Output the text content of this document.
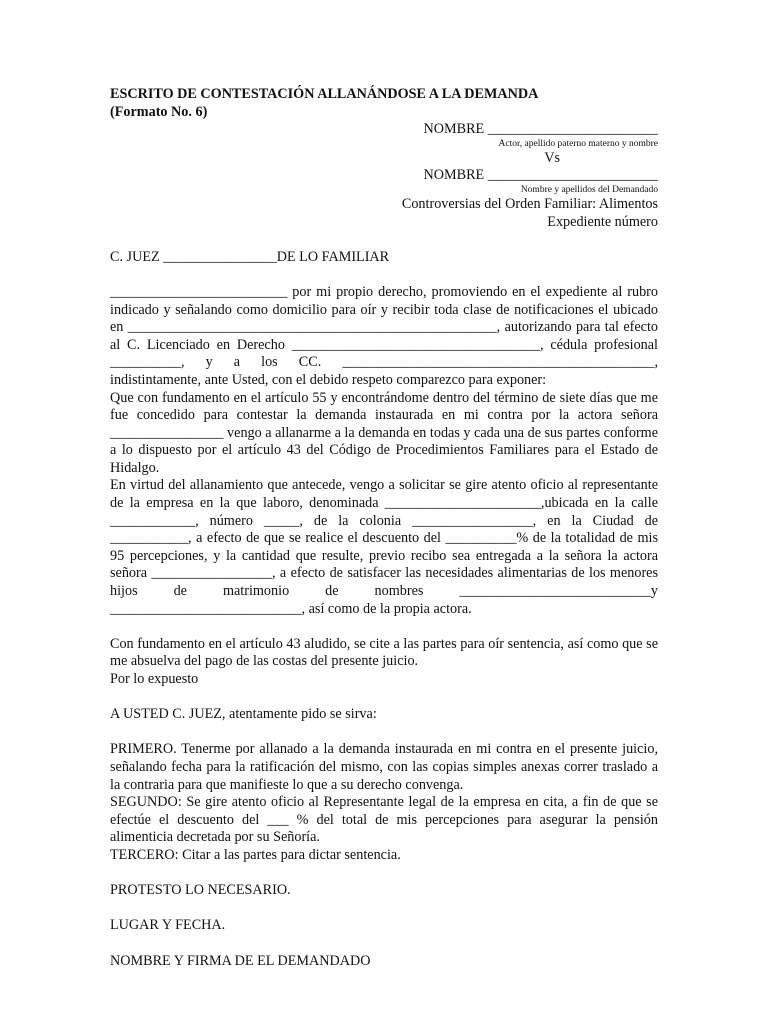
ESCRITO DE CONTESTACIÓN ALLANÁNDOSE A LA DEMANDA

(Formato No. 6)

NOMBRE ________________________

Actor, apellido paterno materno y nombre

Vs

NOMBRE ________________________

Nombre y apellidos del Demandado

Controversias del Orden Familiar: Alimentos

Expediente número

C. JUEZ ________________DE LO FAMILIAR

_________________________ por mi propio derecho, promoviendo en el expediente al rubro indicado y señalando como domicilio para oír y recibir toda clase de notificaciones el ubicado en ____________________________________________________, autorizando para tal efecto al C. Licenciado en Derecho ___________________________________, cédula profesional __________, y a los CC. ____________________________________________, indistintamente, ante Usted, con el debido respeto comparezco para exponer:

Que con fundamento en el artículo 55 y encontrándome dentro del término de siete días que me fue concedido para contestar la demanda instaurada en mi contra por la actora señora ________________ vengo a allanarme a la demanda en todas y cada una de sus partes conforme a lo dispuesto por el artículo 43 del Código de Procedimientos Familiares para el Estado de Hidalgo.

En virtud del allanamiento que antecede, vengo a solicitar se gire atento oficio al representante de la empresa en la que laboro, denominada ______________________,ubicada en la calle ____________, número _____, de la colonia _________________, en la Ciudad de ___________, a efecto de que se realice el descuento del __________% de la totalidad de mis 95 percepciones, y la cantidad que resulte, previo recibo sea entregada a la señora la actora señora _________________, a efecto de satisfacer las necesidades alimentarias de los menores hijos de matrimonio de nombres ___________________________y ___________________________, así como de la propia actora.

Con fundamento en el artículo 43 aludido, se cite a las partes para oír sentencia, así como que se me absuelva del pago de las costas del presente juicio.

Por lo expuesto

A USTED C. JUEZ, atentamente pido se sirva:

PRIMERO. Tenerme por allanado a la demanda instaurada en mi contra en el presente juicio, señalando fecha para la ratificación del mismo, con las copias simples anexas correr traslado a la contraria para que manifieste lo que a su derecho convenga.

SEGUNDO: Se gire atento oficio al Representante legal de la empresa en cita, a fin de que se efectúe el descuento del ___ % del total de mis percepciones para asegurar la pensión alimenticia decretada por su Señoría.

TERCERO: Citar a las partes para dictar sentencia.

PROTESTO LO NECESARIO.

LUGAR Y FECHA.

NOMBRE Y FIRMA DE EL DEMANDADO
